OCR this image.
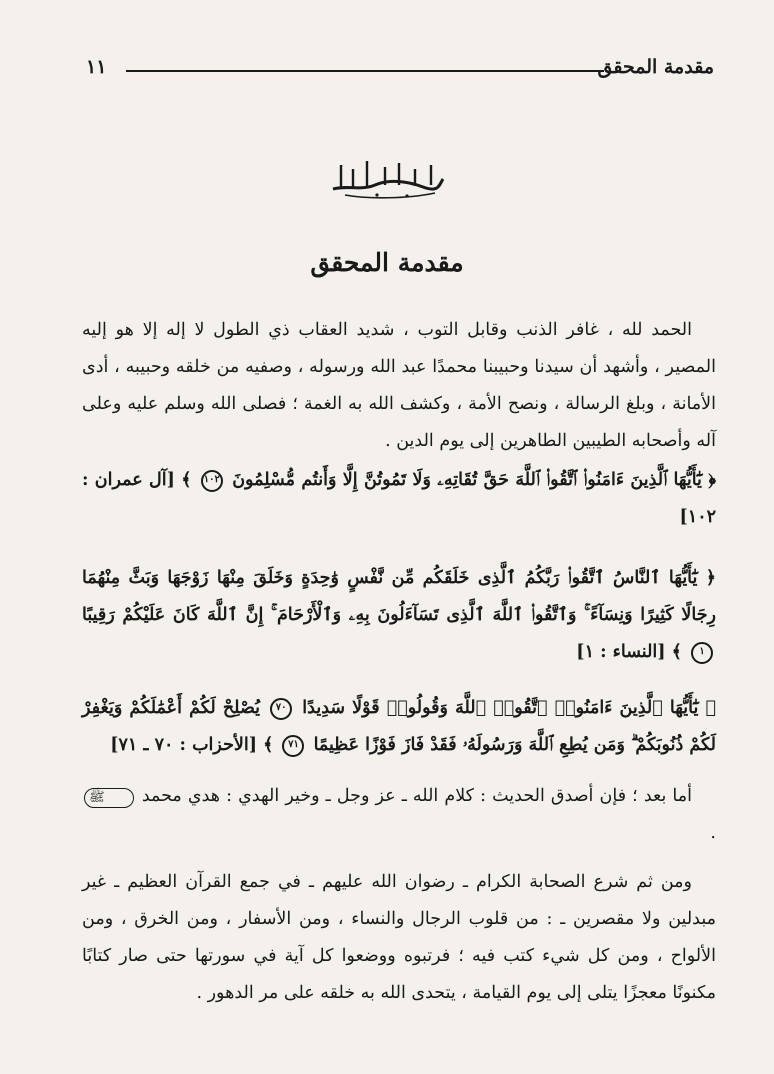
مقدمة المحقق
١١
مقدمة المحقق
الحمد لله ، غافر الذنب وقابل التوب ، شديد العقاب ذي الطول لا إله إلا هو إليه المصير ، وأشهد أن سيدنا وحبيبنا محمدًا عبد الله ورسوله ، وصفيه من خلقه وحبيبه ، أدى الأمانة ، وبلغ الرسالة ، ونصح الأمة ، وكشف الله به الغمة ؛ فصلى الله وسلم عليه وعلى آله وأصحابه الطيبين الطاهرين إلى يوم الدين .
﴿ يَٰٓأَيُّهَا ٱلَّذِينَ ءَامَنُوا۟ ٱتَّقُوا۟ ٱللَّهَ حَقَّ تُقَاتِهِۦ وَلَا تَمُوتُنَّ إِلَّا وَأَنتُم مُّسْلِمُونَ ١٠٢ ﴾ [آل عمران : ١٠٢]
﴿ يَٰٓأَيُّهَا ٱلنَّاسُ ٱتَّقُوا۟ رَبَّكُمُ ٱلَّذِى خَلَقَكُم مِّن نَّفْسٍ وَٰحِدَةٍ وَخَلَقَ مِنْهَا زَوْجَهَا وَبَثَّ مِنْهُمَا رِجَالًا كَثِيرًا وَنِسَآءً ۚ وَٱتَّقُوا۟ ٱللَّهَ ٱلَّذِى تَسَآءَلُونَ بِهِۦ وَٱلْأَرْحَامَ ۚ إِنَّ ٱللَّهَ كَانَ عَلَيْكُمْ رَقِيبًا ١ ﴾ [النساء : ١]
﴿ يَٰٓأَيُّهَا ٱلَّذِينَ ءَامَنُوا۟ ٱتَّقُوا۟ ٱللَّهَ وَقُولُوا۟ قَوْلًا سَدِيدًا ٧٠ يُصْلِحْ لَكُمْ أَعْمَٰلَكُمْ وَيَغْفِرْ لَكُمْ ذُنُوبَكُمْ ۗ وَمَن يُطِعِ ٱللَّهَ وَرَسُولَهُۥ فَقَدْ فَازَ فَوْزًا عَظِيمًا ٧١ ﴾ [الأحزاب : ٧٠ ـ ٧١]
أما بعد ؛ فإن أصدق الحديث : كلام الله ـ عز وجل ـ وخير الهدي : هدي محمد ﷺ .
ومن ثم شرع الصحابة الكرام ـ رضوان الله عليهم ـ في جمع القرآن العظيم ـ غير مبدلين ولا مقصرين ـ : من قلوب الرجال والنساء ، ومن الأسفار ، ومن الخرق ، ومن الألواح ، ومن كل شيء كتب فيه ؛ فرتبوه ووضعوا كل آية في سورتها حتى صار كتابًا مكنونًا معجزًا يتلى إلى يوم القيامة ، يتحدى الله به خلقه على مر الدهور .
